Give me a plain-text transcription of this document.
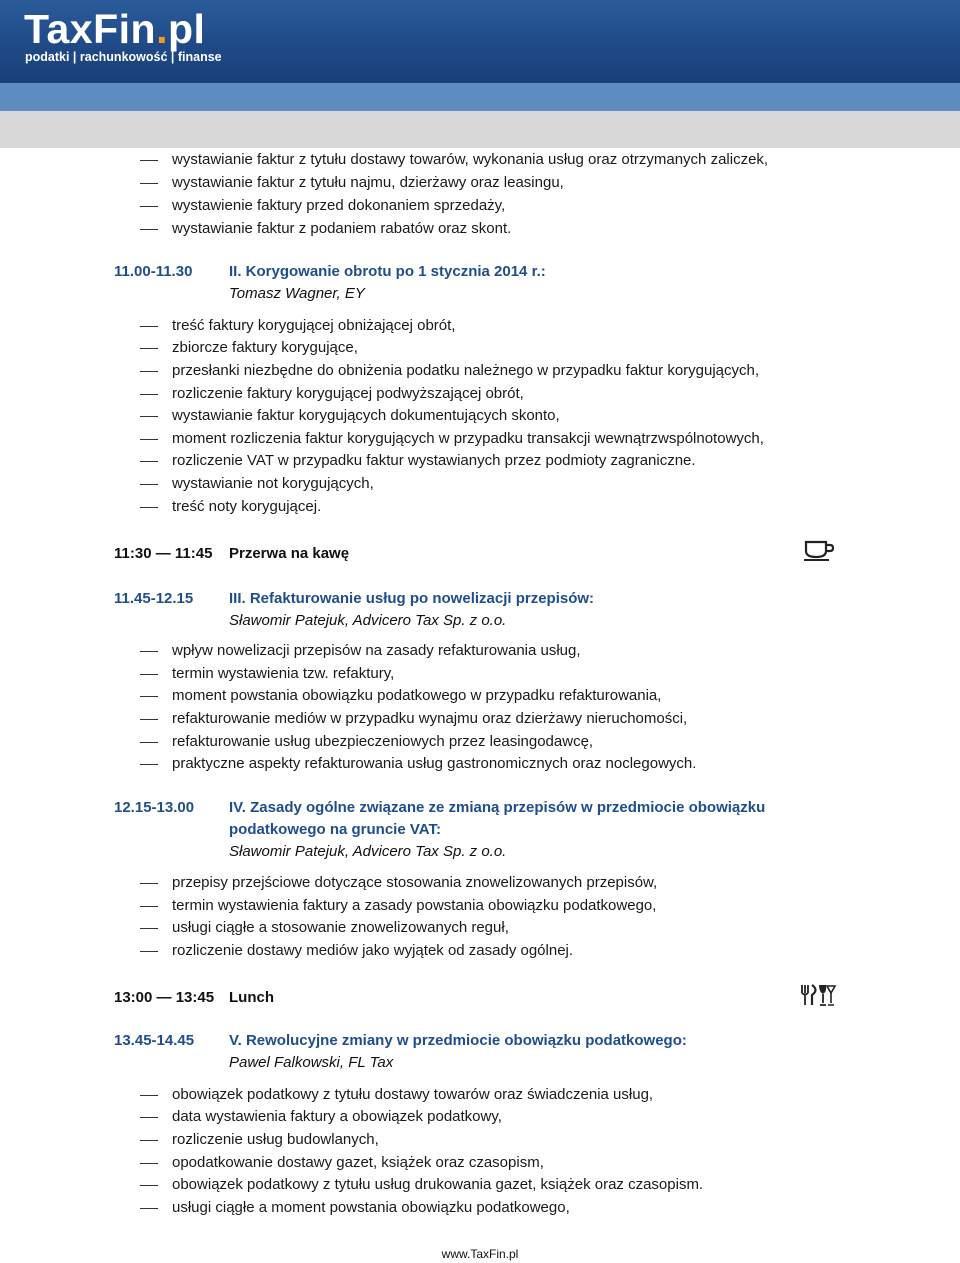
TaxFin.pl
podatki | rachunkowość | finanse
wystawianie faktur z tytułu dostawy towarów, wykonania usług oraz otrzymanych zaliczek,
wystawianie faktur z tytułu najmu, dzierżawy oraz leasingu,
wystawienie faktury przed dokonaniem sprzedaży,
wystawianie faktur z podaniem rabatów oraz skont.
11.00-11.30 II. Korygowanie obrotu po 1 stycznia 2014 r.:
Tomasz Wagner, EY
treść faktury korygującej obniżającej obrót,
zbiorcze faktury korygujące,
przesłanki niezbędne do obniżenia podatku należnego w przypadku faktur korygujących,
rozliczenie faktury korygującej podwyższającej obrót,
wystawianie faktur korygujących dokumentujących skonto,
moment rozliczenia faktur korygujących w przypadku transakcji wewnątrzwspólnotowych,
rozliczenie VAT w przypadku faktur wystawianych przez podmioty zagraniczne.
wystawianie not korygujących,
treść noty korygującej.
11:30 — 11:45 Przerwa na kawę
11.45-12.15 III. Refakturowanie usług po nowelizacji przepisów:
Sławomir Patejuk, Advicero Tax Sp. z o.o.
wpływ nowelizacji przepisów na zasady refakturowania usług,
termin wystawienia tzw. refaktury,
moment powstania obowiązku podatkowego w przypadku refakturowania,
refakturowanie mediów w przypadku wynajmu oraz dzierżawy nieruchomości,
refakturowanie usług ubezpieczeniowych przez leasingodawcę,
praktyczne aspekty refakturowania usług gastronomicznych oraz noclegowych.
12.15-13.00 IV. Zasady ogólne związane ze zmianą przepisów w przedmiocie obowiązku
podatkowego na gruncie VAT:
Sławomir Patejuk, Advicero Tax Sp. z o.o.
przepisy przejściowe dotyczące stosowania znowelizowanych przepisów,
termin wystawienia faktury a zasady powstania obowiązku podatkowego,
usługi ciągłe a stosowanie znowelizowanych reguł,
rozliczenie dostawy mediów jako wyjątek od zasady ogólnej.
13:00 — 13:45 Lunch
13.45-14.45 V. Rewolucyjne zmiany w przedmiocie obowiązku podatkowego:
Pawel Falkowski, FL Tax
obowiązek podatkowy z tytułu dostawy towarów oraz świadczenia usług,
data wystawienia faktury a obowiązek podatkowy,
rozliczenie usług budowlanych,
opodatkowanie dostawy gazet, książek oraz czasopism,
obowiązek podatkowy z tytułu usług drukowania gazet, książek oraz czasopism.
usługi ciągłe a moment powstania obowiązku podatkowego,
www.TaxFin.pl
